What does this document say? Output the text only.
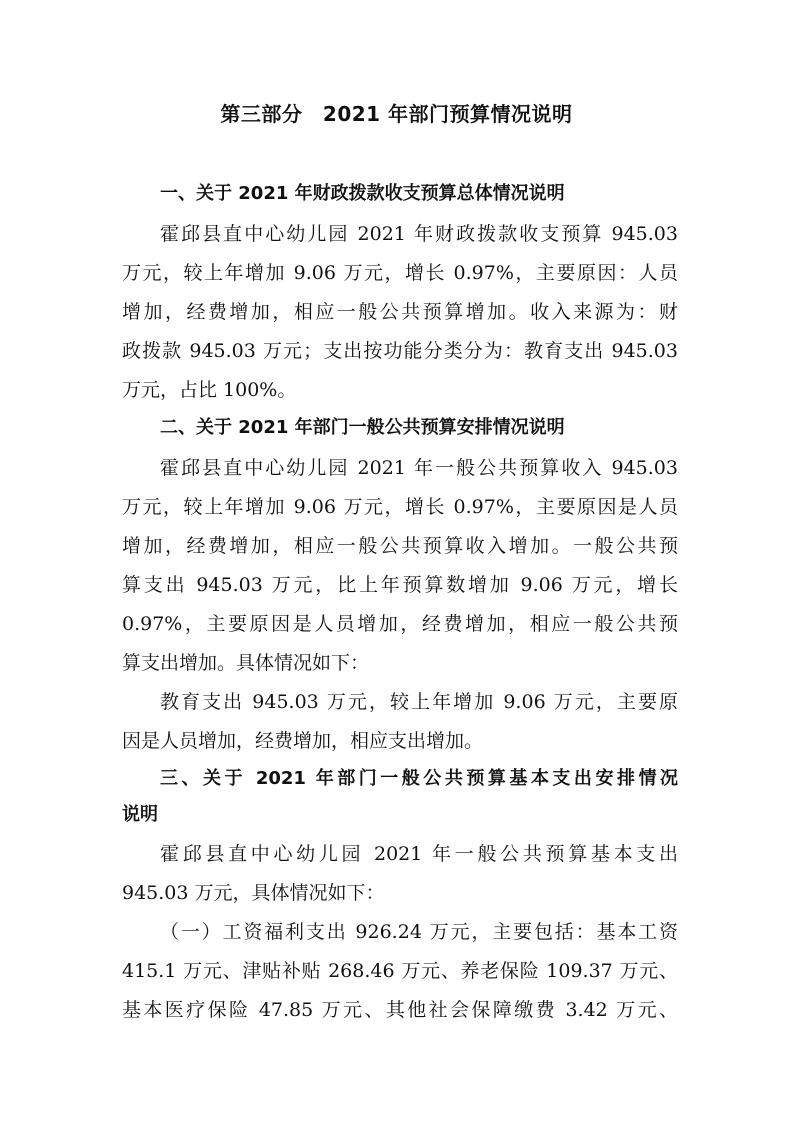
第三部分　2021 年部门预算情况说明
一、关于 2021 年财政拨款收支预算总体情况说明
霍邱县直中心幼儿园 2021 年财政拨款收支预算 945.03
万元，较上年增加 9.06 万元，增长 0.97%，主要原因：人员
增加，经费增加，相应一般公共预算增加。收入来源为：财
政拨款 945.03 万元；支出按功能分类分为：教育支出 945.03
万元，占比 100%。
二、关于 2021 年部门一般公共预算安排情况说明
霍邱县直中心幼儿园 2021 年一般公共预算收入 945.03
万元，较上年增加 9.06 万元，增长 0.97%，主要原因是人员
增加，经费增加，相应一般公共预算收入增加。一般公共预
算支出 945.03 万元，比上年预算数增加 9.06 万元，增长
0.97%，主要原因是人员增加，经费增加，相应一般公共预
算支出增加。具体情况如下：
教育支出 945.03 万元，较上年增加 9.06 万元，主要原
因是人员增加，经费增加，相应支出增加。
三、关于 2021 年部门一般公共预算基本支出安排情况
说明
霍邱县直中心幼儿园 2021 年一般公共预算基本支出
945.03 万元，具体情况如下：
（一）工资福利支出 926.24 万元，主要包括：基本工资
415.1 万元、津贴补贴 268.46 万元、养老保险 109.37 万元、
基本医疗保险 47.85 万元、其他社会保障缴费 3.42 万元、
